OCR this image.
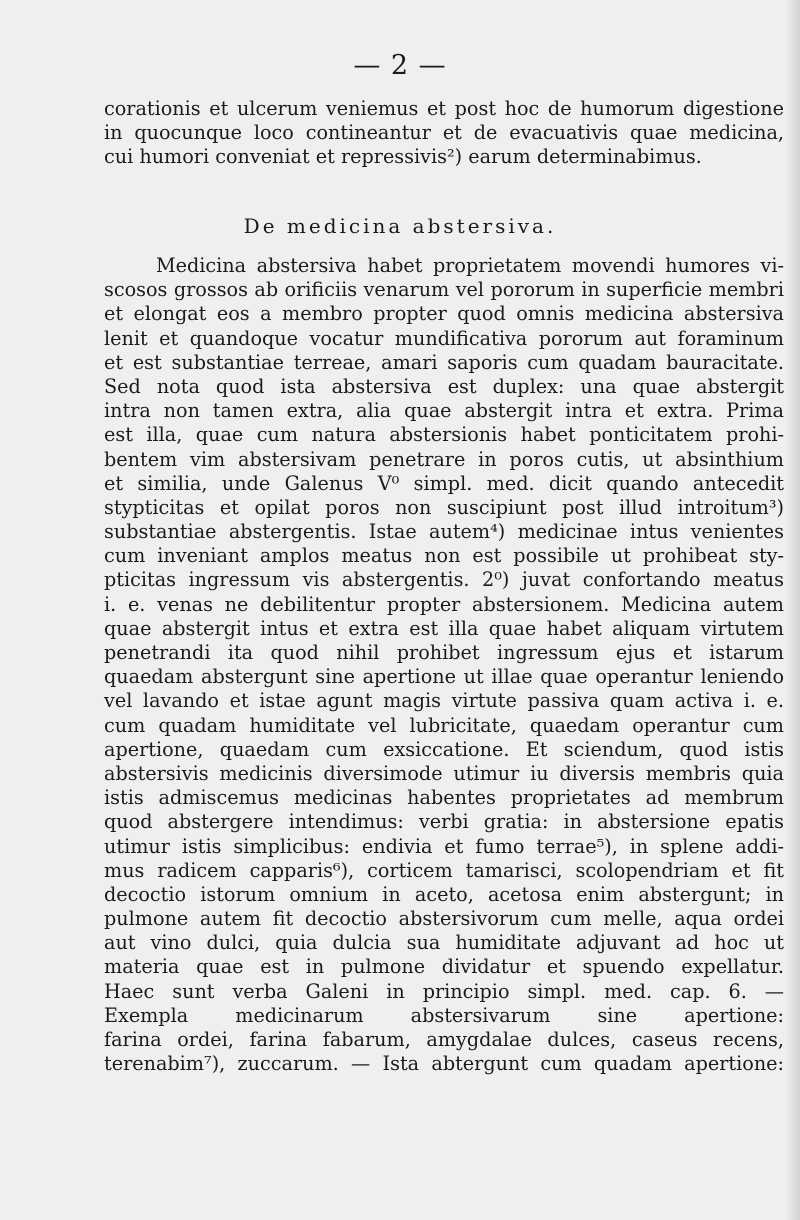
— 2 —
corationis et ulcerum veniemus et post hoc de humorum digestione
in quocunque loco contineantur et de evacuativis quae medicina,
cui humori conveniat et repressivis²) earum determinabimus.
De medicina abstersiva.
Medicina abstersiva habet proprietatem movendi humores vi-
scosos grossos ab orificiis venarum vel pororum in superficie membri
et elongat eos a membro propter quod omnis medicina abstersiva
lenit et quandoque vocatur mundificativa pororum aut foraminum
et est substantiae terreae, amari saporis cum quadam bauracitate.
Sed nota quod ista abstersiva est duplex: una quae abstergit
intra non tamen extra, alia quae abstergit intra et extra. Prima
est illa, quae cum natura abstersionis habet ponticitatem prohi-
bentem vim abstersivam penetrare in poros cutis, ut absinthium
et similia, unde Galenus V⁰ simpl. med. dicit quando antecedit
stypticitas et opilat poros non suscipiunt post illud introitum³)
substantiae abstergentis. Istae autem⁴) medicinae intus venientes
cum inveniant amplos meatus non est possibile ut prohibeat sty-
pticitas ingressum vis abstergentis. 2⁰) juvat confortando meatus
i. e. venas ne debilitentur propter abstersionem. Medicina autem
quae abstergit intus et extra est illa quae habet aliquam virtutem
penetrandi ita quod nihil prohibet ingressum ejus et istarum
quaedam abstergunt sine apertione ut illae quae operantur leniendo
vel lavando et istae agunt magis virtute passiva quam activa i. e.
cum quadam humiditate vel lubricitate, quaedam operantur cum
apertione, quaedam cum exsiccatione. Et sciendum, quod istis
abstersivis medicinis diversimode utimur iu diversis membris quia
istis admiscemus medicinas habentes proprietates ad membrum
quod abstergere intendimus: verbi gratia: in abstersione epatis
utimur istis simplicibus: endivia et fumo terrae⁵), in splene addi-
mus radicem capparis⁶), corticem tamarisci, scolopendriam et fit
decoctio istorum omnium in aceto, acetosa enim abstergunt; in
pulmone autem fit decoctio abstersivorum cum melle, aqua ordei
aut vino dulci, quia dulcia sua humiditate adjuvant ad hoc ut
materia quae est in pulmone dividatur et spuendo expellatur.
Haec sunt verba Galeni in principio simpl. med. cap. 6. —
Exempla medicinarum abstersivarum sine apertione:
farina ordei, farina fabarum, amygdalae dulces, caseus recens,
terenabim⁷), zuccarum. — Ista abtergunt cum quadam apertione:
